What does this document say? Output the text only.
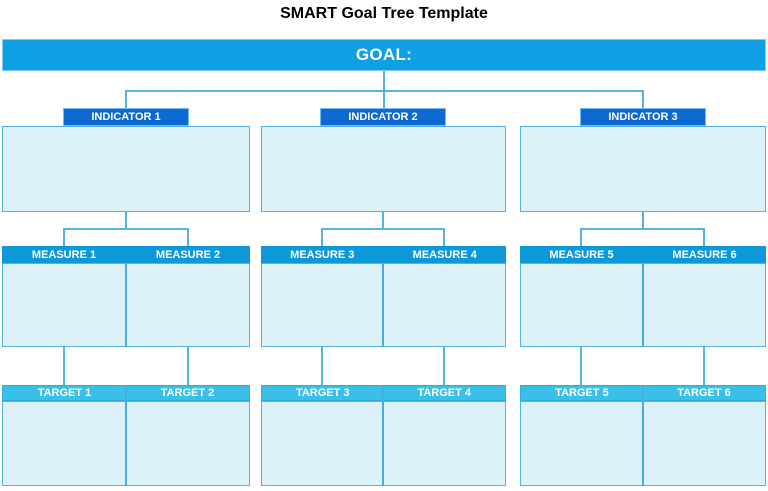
SMART Goal Tree Template
GOAL:
INDICATOR 1
MEASURE 1	MEASURE 2
TARGET 1	TARGET 2
INDICATOR 2
MEASURE 3	MEASURE 4
TARGET 3	TARGET 4
INDICATOR 3
MEASURE 5	MEASURE 6
TARGET 5	TARGET 6
